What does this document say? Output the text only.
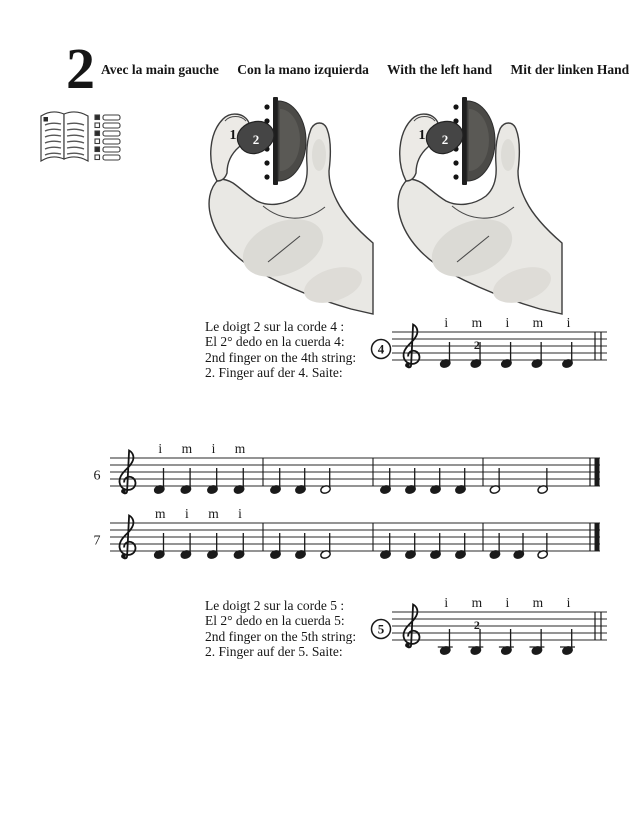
2 Avec la main gauche Con la mano izquierda With the left hand Mit der linken Hand
Le doigt 2 sur la corde 4 :
El 2° dedo en la cuerda 4:
2nd finger on the 4th string:
2. Finger auf der 4. Saite:
Le doigt 2 sur la corde 5 :
El 2° dedo en la cuerda 5:
2nd finger on the 5th string:
2. Finger auf der 5. Saite:
4
i m
2
i m i
6
i m i m
7
m i m i
5
i m
2
i m i
